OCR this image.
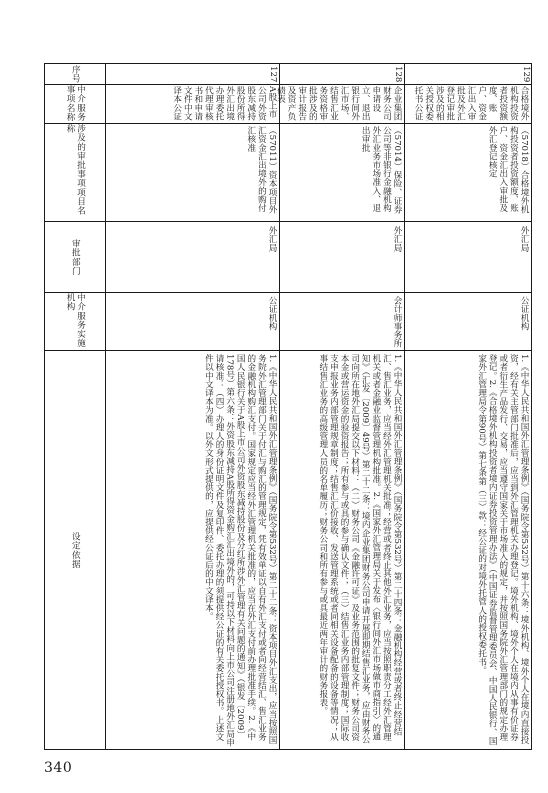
序号
中介服务事项名称
涉及的审批事项项目名称
审批部门
中介服务实施机构
设定依据
127
A股上市公司外资股东减持股份所得外汇出境办理委托代理审核书和申请文件中文译本公证
（57011）资本项目外汇资金汇出境外的购付汇核准
外汇局
公证机构
1.《中华人民共和国外汇管理条例》（国务院令第532号）第二十二条：资本项目外汇支出，应当按照国务院外汇管理部门关于付汇与购汇的管理规定，凭有效单证以自有外汇支付或者向经营结汇、售汇业务的金融机构购汇支付。国家规定应当经外汇管理机关批准的，应当在外汇支付前办理批准手续。2.《中国人民银行关于A股上市公司外资股东减持股份及分红所涉外汇管理有关问题的通知》（银发〔2009〕178号）第六条：外资股东减持A股所得资金购汇汇出境外的，可持以下材料向上市公司注册地外汇局申请核准：（四）办理人的身份证明文件及复印件、委托办理的须提供经公证的有关委托授权书。上述文件以中文译本为准。以外文形式提供的，应提供经公证后的中文译本。
128
企业集团财务公司申请设立、退出银行间外汇市场、结售汇业务资格审批涉及的审计报告及资产负债表
（57014）保险、证券公司等非银行金融机构外汇业务市场准入、退出审批
外汇局
会计师事务所
1.《中华人民共和国外汇管理条例》（国务院令第532号）第二十四条：金融机构经营或者终止经营结汇、售汇业务，应当经外汇管理机关批准；经营或者终止其他外汇业务，应当按照职责分工经外汇管理机关或者金融业监督管理机构批准。2.《国家外汇管理局关于发布〈银行间外汇市场做市商指引〉的通知》（汇发〔2009〕49号）第二十二条：境内企业集团财务公司申请开展即期结售汇业务，应由财务公司向所在地外汇局提交以下材料：（二）财务公司《金融许可证》及业务范围的批复文件；财务公司资本金或营运资金的验资报告；所有参与或具的参与确认文件；（三）结售汇业务内部管理制度；国际收支申报业务内部管理规章制度；结售汇汇价接收、发送管理系统或者同相关设备配备的设备等情况；从事结售汇业务的高级管理人员的名单履历；财务公司和所有参与或具最近两年审计的财务报表。
129
合格境外机构投资者投资额度、账户、资金汇出入审批及外汇登记审批涉及的相关授权委托书公证
（57018）合格境外机构投资者投资额度、账户、资金汇出入审批及外汇登记核定
外汇局
公证机构
1.《中华人民共和国外汇管理条例》（国务院令第532号）第十六条：境外机构、境外个人在境内直接投资，经有关主管部门批准后，应当到外汇管理机关办理登记。境外机构、境外个人在境内从事有价证券或者衍生产品发行、交易，应当遵守国家关于市场准入的规定，并按照国务院外汇管理部门的规定办理登记。2.《合格境外机构投资者境内证券投资管理办法》（中国证券监督管理委员会、中国人民银行、国家外汇管理局令第90号）第七条第（三）款：经公证的对境外托管人的授权委托书。
340
